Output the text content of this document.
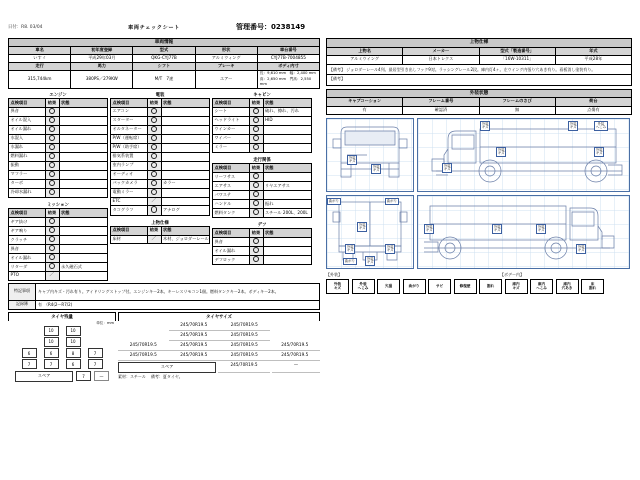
日付：R8. 03/04	車両チェックシート	管理番号：0238149
車両情報				
車名	初年度登録	型式	形状	車台番号
いすゞ	平成29年03月	QKG-CYJ77B	アルミウィング	CYJ77B-7004855
走行	馬力	シフト	ブレーキ	ボディ内寸
315,744km	380PS／279KW	M/T　7速	エアー	長：9,610 mm 幅：2,400 mm
高：2,650 mm 門高：2,550 mm
エンジン
点検項目	結果	状態
異音		
オイル混入		
オイル漏れ		
水混入		
水漏れ		
燃料漏れ		
振動		
マフラー		
ターボ		
冷却水漏れ		
ミッション
点検項目	結果	状態
ギア抜け		
ギア鳴り		
クラッチ		
異音		
オイル漏れ		
リターダ		永久磁石式
PTO	／	
電装
点検項目	結果	状態
エアコン		
スターター		
オルタネーター		
P/W（運転席）		
P/W（助手席）		
排気系装置		
室内ランプ		
オーディオ		
バックカメラ		カラー
電動ミラー		
ETC	／	
タコグラフ		アナログ
上物仕様
点検項目	結果	状態
床材	／	木材、ジョロダーレール
キャビン
点検項目	結果	状態
シート		破れ、擦れ、汚れ
ヘッドライト		HID
ウインカー		
ワイパー		
ミラー		
走行関係
点検項目	結果	状態
リーフサス		
エアサス		リヤエアサス
パワステ		
ハンドル		振れ
燃料タンク		スチール 200L、200L
デフ
点検項目	結果	状態
異音		
オイル漏れ		
デフロック		
特記事項	キャブ内キズ・汚れ有り。アイドリングストップ付。エンジンキー2本。キーレスリモコン1個。燃料タンクキー2本。ボディキー2本。
記録簿	有　（R4(2〜R7/2)
タイヤ残量
単位：mm
10	10
10	10
6	6	8	7
7	7	6	7
スペア	7	—
タイヤサイズ
	245/70R19.5	245/70R19.5	
	245/70R19.5	245/70R19.5	
245/70R19.5	245/70R19.5	245/70R19.5	245/70R19.5
245/70R19.5	245/70R19.5	245/70R19.5	245/70R19.5
スペア	245/70R19.5	—
素材：スチール 備考：夏タイヤ。
上物仕様			
上物名	メーカー	型式「製造番号」	年式
アルミウイング	日本トレクス	「16W-10311」	平成28年
【備考】 ジョロダーレール4列。最居型引き出しフック9対。ラッシングレール2段。庫内灯4ヶ。左ウイング内張り穴あき有り。看板消し塗装有り。			
【備考】			
外装状態			
キャブコーション	フレーム番号	フレームのさび	荷台
有	確認済	無	点傷有
外装
キズ
外装
キズ
外装
キズ
外装
キズ
外装
へこみ
外装
キズ
外装
キズ
外装
キズ
曲がり	曲がり
外装
キズ
外装
キズ
外装
キズ
曲がり	外装
キズ
外装
キズ
外装
キズ
外装
キズ
外装
キズ
【外装】	【ボデー内】
外装
キズ
外装
へこみ	欠損	曲がり	サビ	修復歴	割れ	庫内
キズ
庫内
へこみ
庫内
穴あき
床
割れ
